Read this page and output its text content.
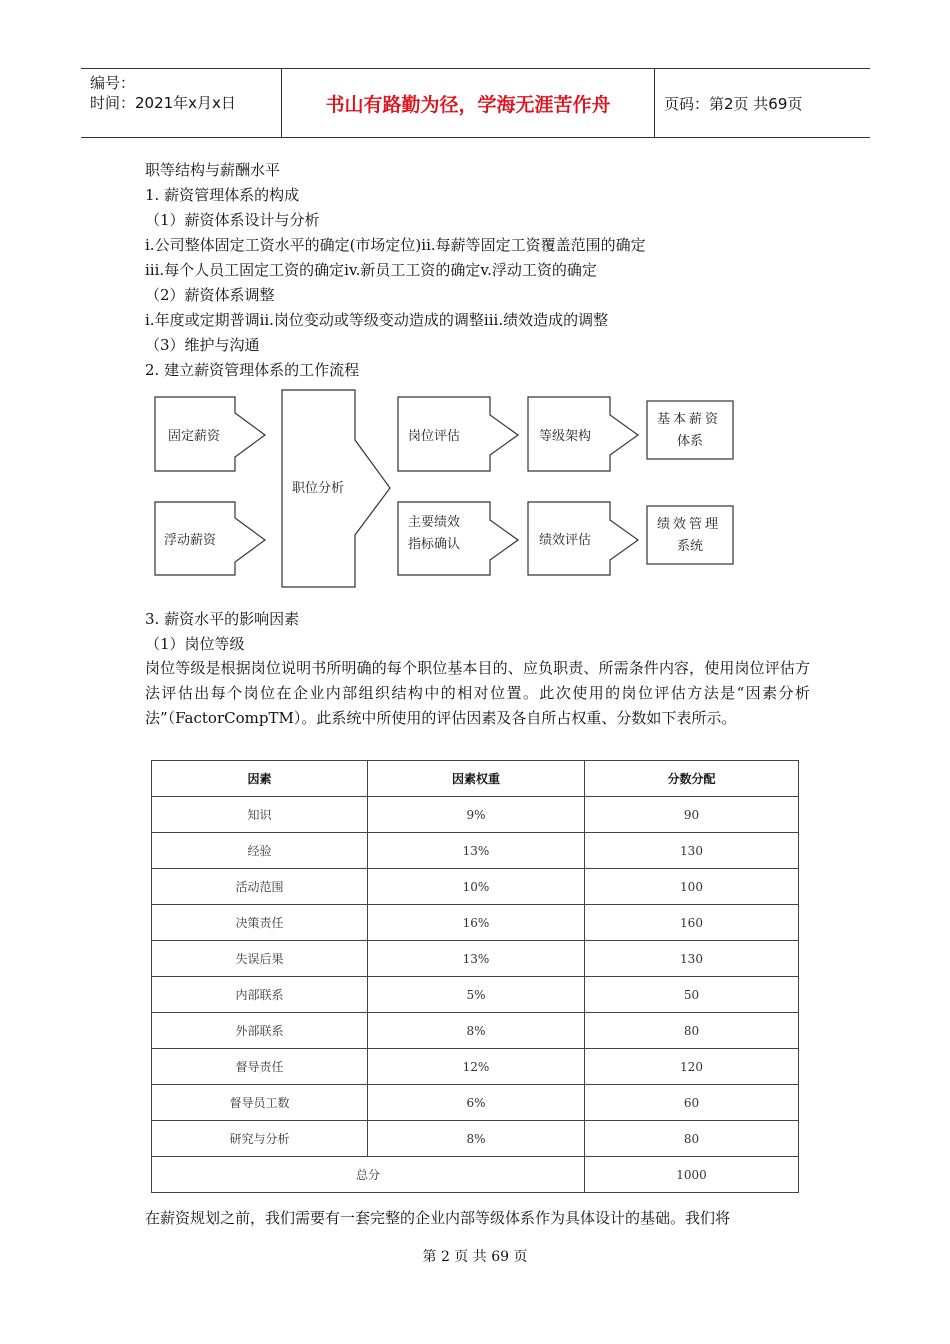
编号：
时间：2021年x月x日	书山有路勤为径，学海无涯苦作舟	页码：第2页 共69页
职等结构与薪酬水平
1. 薪资管理体系的构成
（1）薪资体系设计与分析
i.公司整体固定工资水平的确定(市场定位)ii.每薪等固定工资覆盖范围的确定
iii.每个人员工固定工资的确定iv.新员工工资的确定v.浮动工资的确定
（2）薪资体系调整
i.年度或定期普调ii.岗位变动或等级变动造成的调整iii.绩效造成的调整
（3）维护与沟通
2. 建立薪资管理体系的工作流程
固定薪资
浮动薪资
职位分析
岗位评估
主要绩效
指标确认
等级架构
绩效评估
基本薪资
体系
绩效管理
系统
3. 薪资水平的影响因素
（1）岗位等级
岗位等级是根据岗位说明书所明确的每个职位基本目的、应负职责、所需条件内容，使用岗位评估方法评估出每个岗位在企业内部组织结构中的相对位置。此次使用的岗位评估方法是“因素分析法”（FactorCompTM）。此系统中所使用的评估因素及各自所占权重、分数如下表所示。
因素	因素权重	分数分配
知识	9%	90
经验	13%	130
活动范围	10%	100
决策责任	16%	160
失误后果	13%	130
内部联系	5%	50
外部联系	8%	80
督导责任	12%	120
督导员工数	6%	60
研究与分析	8%	80
总分		1000
在薪资规划之前，我们需要有一套完整的企业内部等级体系作为具体设计的基础。我们将
第 2 页 共 69 页
